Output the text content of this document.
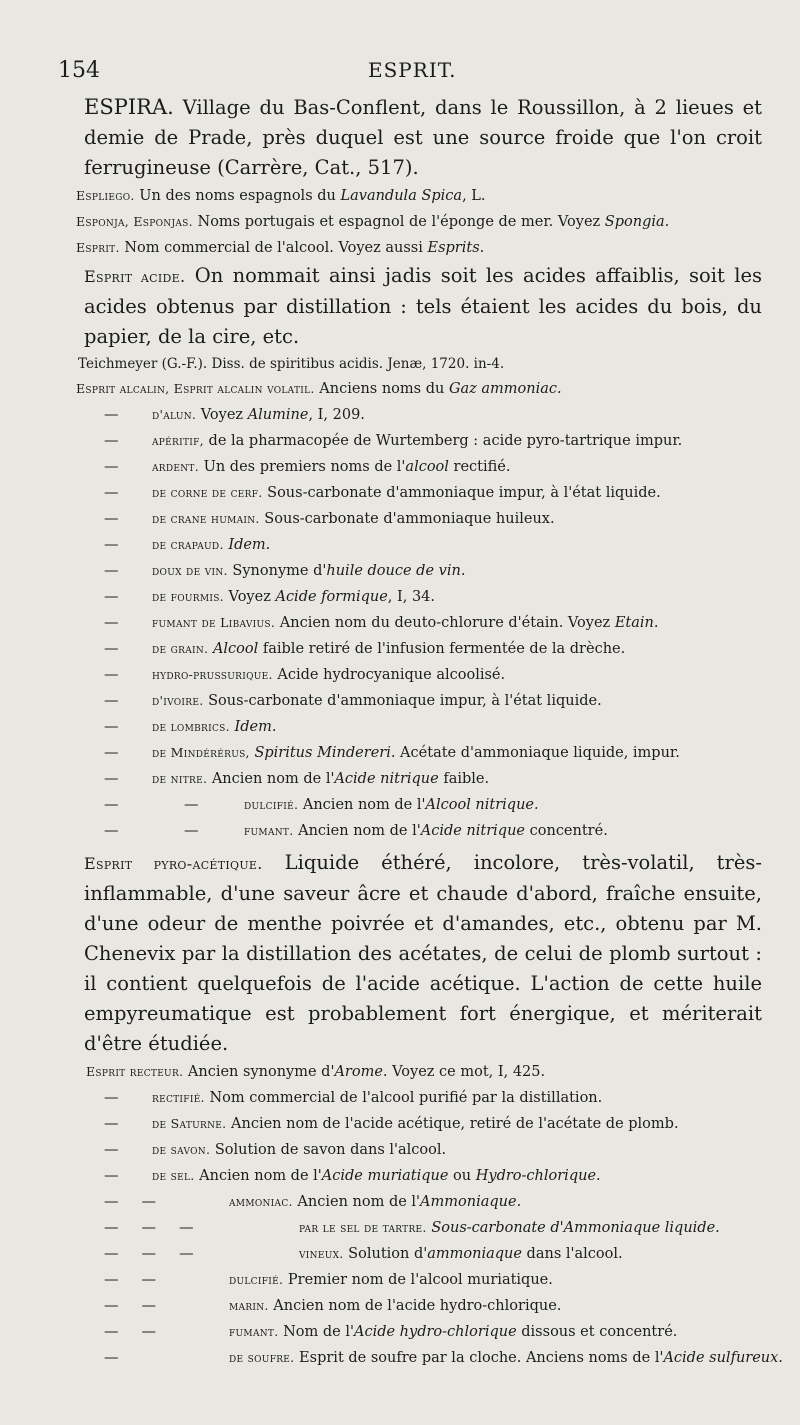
154	ESPRIT.

ESPIRA. Village du Bas-Conflent, dans le Roussillon, à 2 lieues et demie de Prade, près duquel est une source froide que l'on croit ferrugineuse (Carrère, Cat., 517).

Espliego. Un des noms espagnols du Lavandula Spica, L.

Esponja, Esponjas. Noms portugais et espagnol de l'éponge de mer. Voyez Spongia.

Esprit. Nom commercial de l'alcool. Voyez aussi Esprits.

Esprit acide. On nommait ainsi jadis soit les acides affaiblis, soit les acides obtenus par distillation : tels étaient les acides du bois, du papier, de la cire, etc.

Teichmeyer (G.-F.). Diss. de spiritibus acidis. Jenæ, 1720. in-4.

Esprit alcalin, Esprit alcalin volatil. Anciens noms du Gaz ammoniac.

—	d'alun. Voyez Alumine, I, 209.

—	apéritif, de la pharmacopée de Wurtemberg : acide pyro-tartrique impur.

—	ardent. Un des premiers noms de l'alcool rectifié.

—	de corne de cerf. Sous-carbonate d'ammoniaque impur, à l'état liquide.

—	de crane humain. Sous-carbonate d'ammoniaque huileux.

—	de crapaud. Idem.

—	doux de vin. Synonyme d'huile douce de vin.

—	de fourmis. Voyez Acide formique, I, 34.

—	fumant de Libavius. Ancien nom du deuto-chlorure d'étain. Voyez Etain.

—	de grain. Alcool faible retiré de l'infusion fermentée de la drèche.

—	hydro-prussurique. Acide hydrocyanique alcoolisé.

—	d'ivoire. Sous-carbonate d'ammoniaque impur, à l'état liquide.

—	de lombrics. Idem.

—	de Mindérérus, Spiritus Mindereri. Acétate d'ammoniaque liquide, impur.

—	de nitre. Ancien nom de l'Acide nitrique faible.

—	—	dulcifié. Ancien nom de l'Alcool nitrique.

—	—	fumant. Ancien nom de l'Acide nitrique concentré.

Esprit pyro-acétique. Liquide éthéré, incolore, très-volatil, très-inflammable, d'une saveur âcre et chaude d'abord, fraîche ensuite, d'une odeur de menthe poivrée et d'amandes, etc., obtenu par M. Chenevix par la distillation des acétates, de celui de plomb surtout : il contient quelquefois de l'acide acétique. L'action de cette huile empyreumatique est probablement fort énergique, et mériterait d'être étudiée.

Esprit recteur. Ancien synonyme d'Arome. Voyez ce mot, I, 425.

—	rectifié. Nom commercial de l'alcool purifié par la distillation.

—	de Saturne. Ancien nom de l'acide acétique, retiré de l'acétate de plomb.

—	de savon. Solution de savon dans l'alcool.

—	de sel. Ancien nom de l'Acide muriatique ou Hydro-chlorique.

—     —	ammoniac. Ancien nom de l'Ammoniaque.

—     —     —	par le sel de tartre. Sous-carbonate d'Ammoniaque liquide.

—     —     —	vineux. Solution d'ammoniaque dans l'alcool.

—     —	dulcifié. Premier nom de l'alcool muriatique.

—     —	marin. Ancien nom de l'acide hydro-chlorique.

—     —	fumant. Nom de l'Acide hydro-chlorique dissous et concentré.

—	de soufre. Esprit de soufre par la cloche. Anciens noms de l'Acide sulfureux.
